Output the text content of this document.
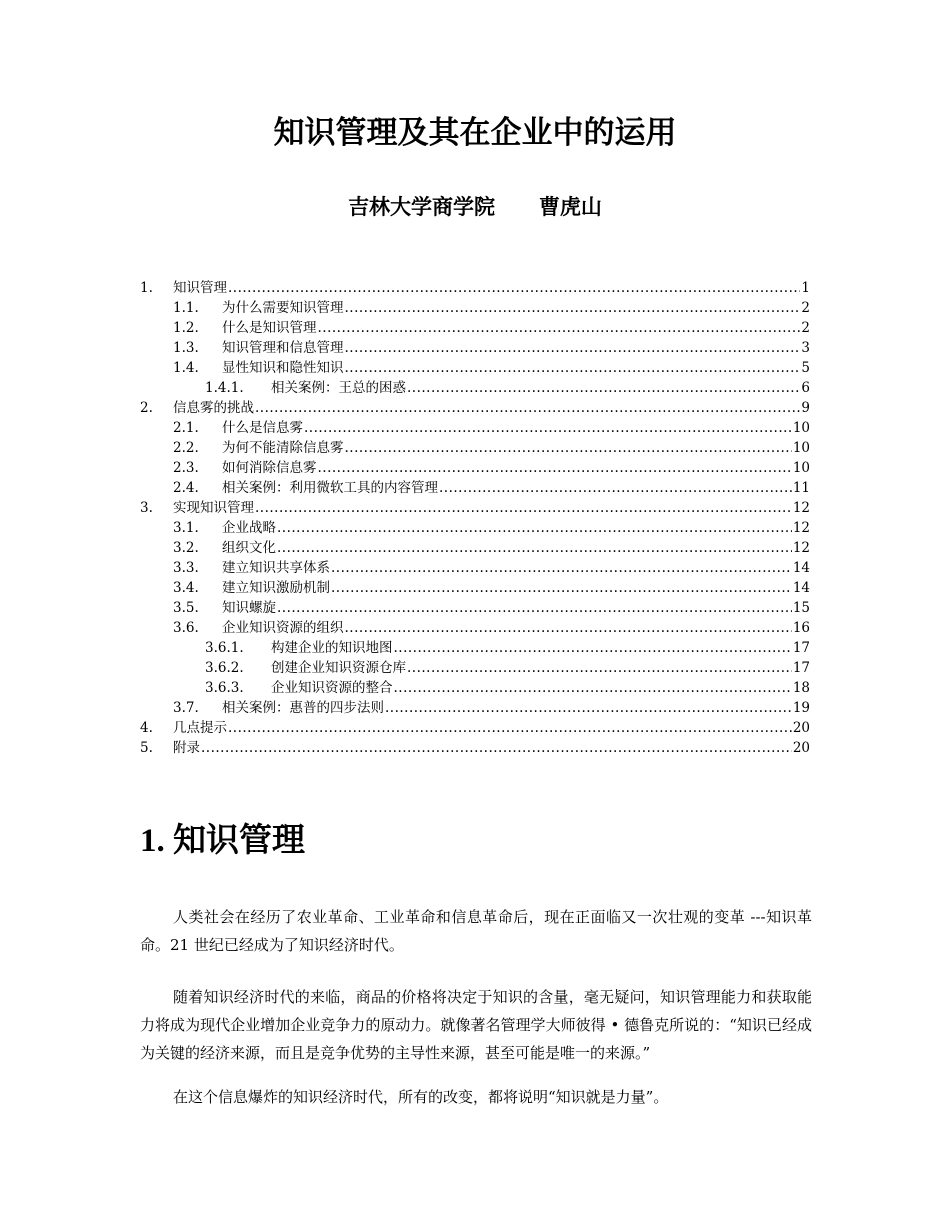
知识管理及其在企业中的运用
吉林大学商学院      曹虎山
1.	知识管理 .....	1
1.1.	为什么需要知识管理 .....	2
1.2.	什么是知识管理 .....	2
1.3.	知识管理和信息管理 .....	3
1.4.	显性知识和隐性知识 .....	5
1.4.1.	相关案例：王总的困惑 .....	6
2.	信息雾的挑战 .....	9
2.1.	什么是信息雾 .....	10
2.2.	为何不能清除信息雾 .....	10
2.3.	如何消除信息雾 .....	10
2.4.	相关案例：利用微软工具的内容管理 .....	11
3.	实现知识管理 .....	12
3.1.	企业战略 .....	12
3.2.	组织文化 .....	12
3.3.	建立知识共享体系 .....	14
3.4.	建立知识激励机制 .....	14
3.5.	知识螺旋 .....	15
3.6.	企业知识资源的组织 .....	16
3.6.1.	构建企业的知识地图 .....	17
3.6.2.	创建企业知识资源仓库 .....	17
3.6.3.	企业知识资源的整合 .....	18
3.7.	相关案例：惠普的四步法则 .....	19
4.	几点提示 .....	20
5.	附录 .....	20
1. 知识管理

人类社会在经历了农业革命、工业革命和信息革命后，现在正面临又一次壮观的变革 ---知识革命。21 世纪已经成为了知识经济时代。

随着知识经济时代的来临，商品的价格将决定于知识的含量，毫无疑问，知识管理能力和获取能力将成为现代企业增加企业竞争力的原动力。就像著名管理学大师彼得 • 德鲁克所说的：“知识已经成为关键的经济来源，而且是竞争优势的主导性来源，甚至可能是唯一的来源。”

在这个信息爆炸的知识经济时代，所有的改变，都将说明“知识就是力量”。
